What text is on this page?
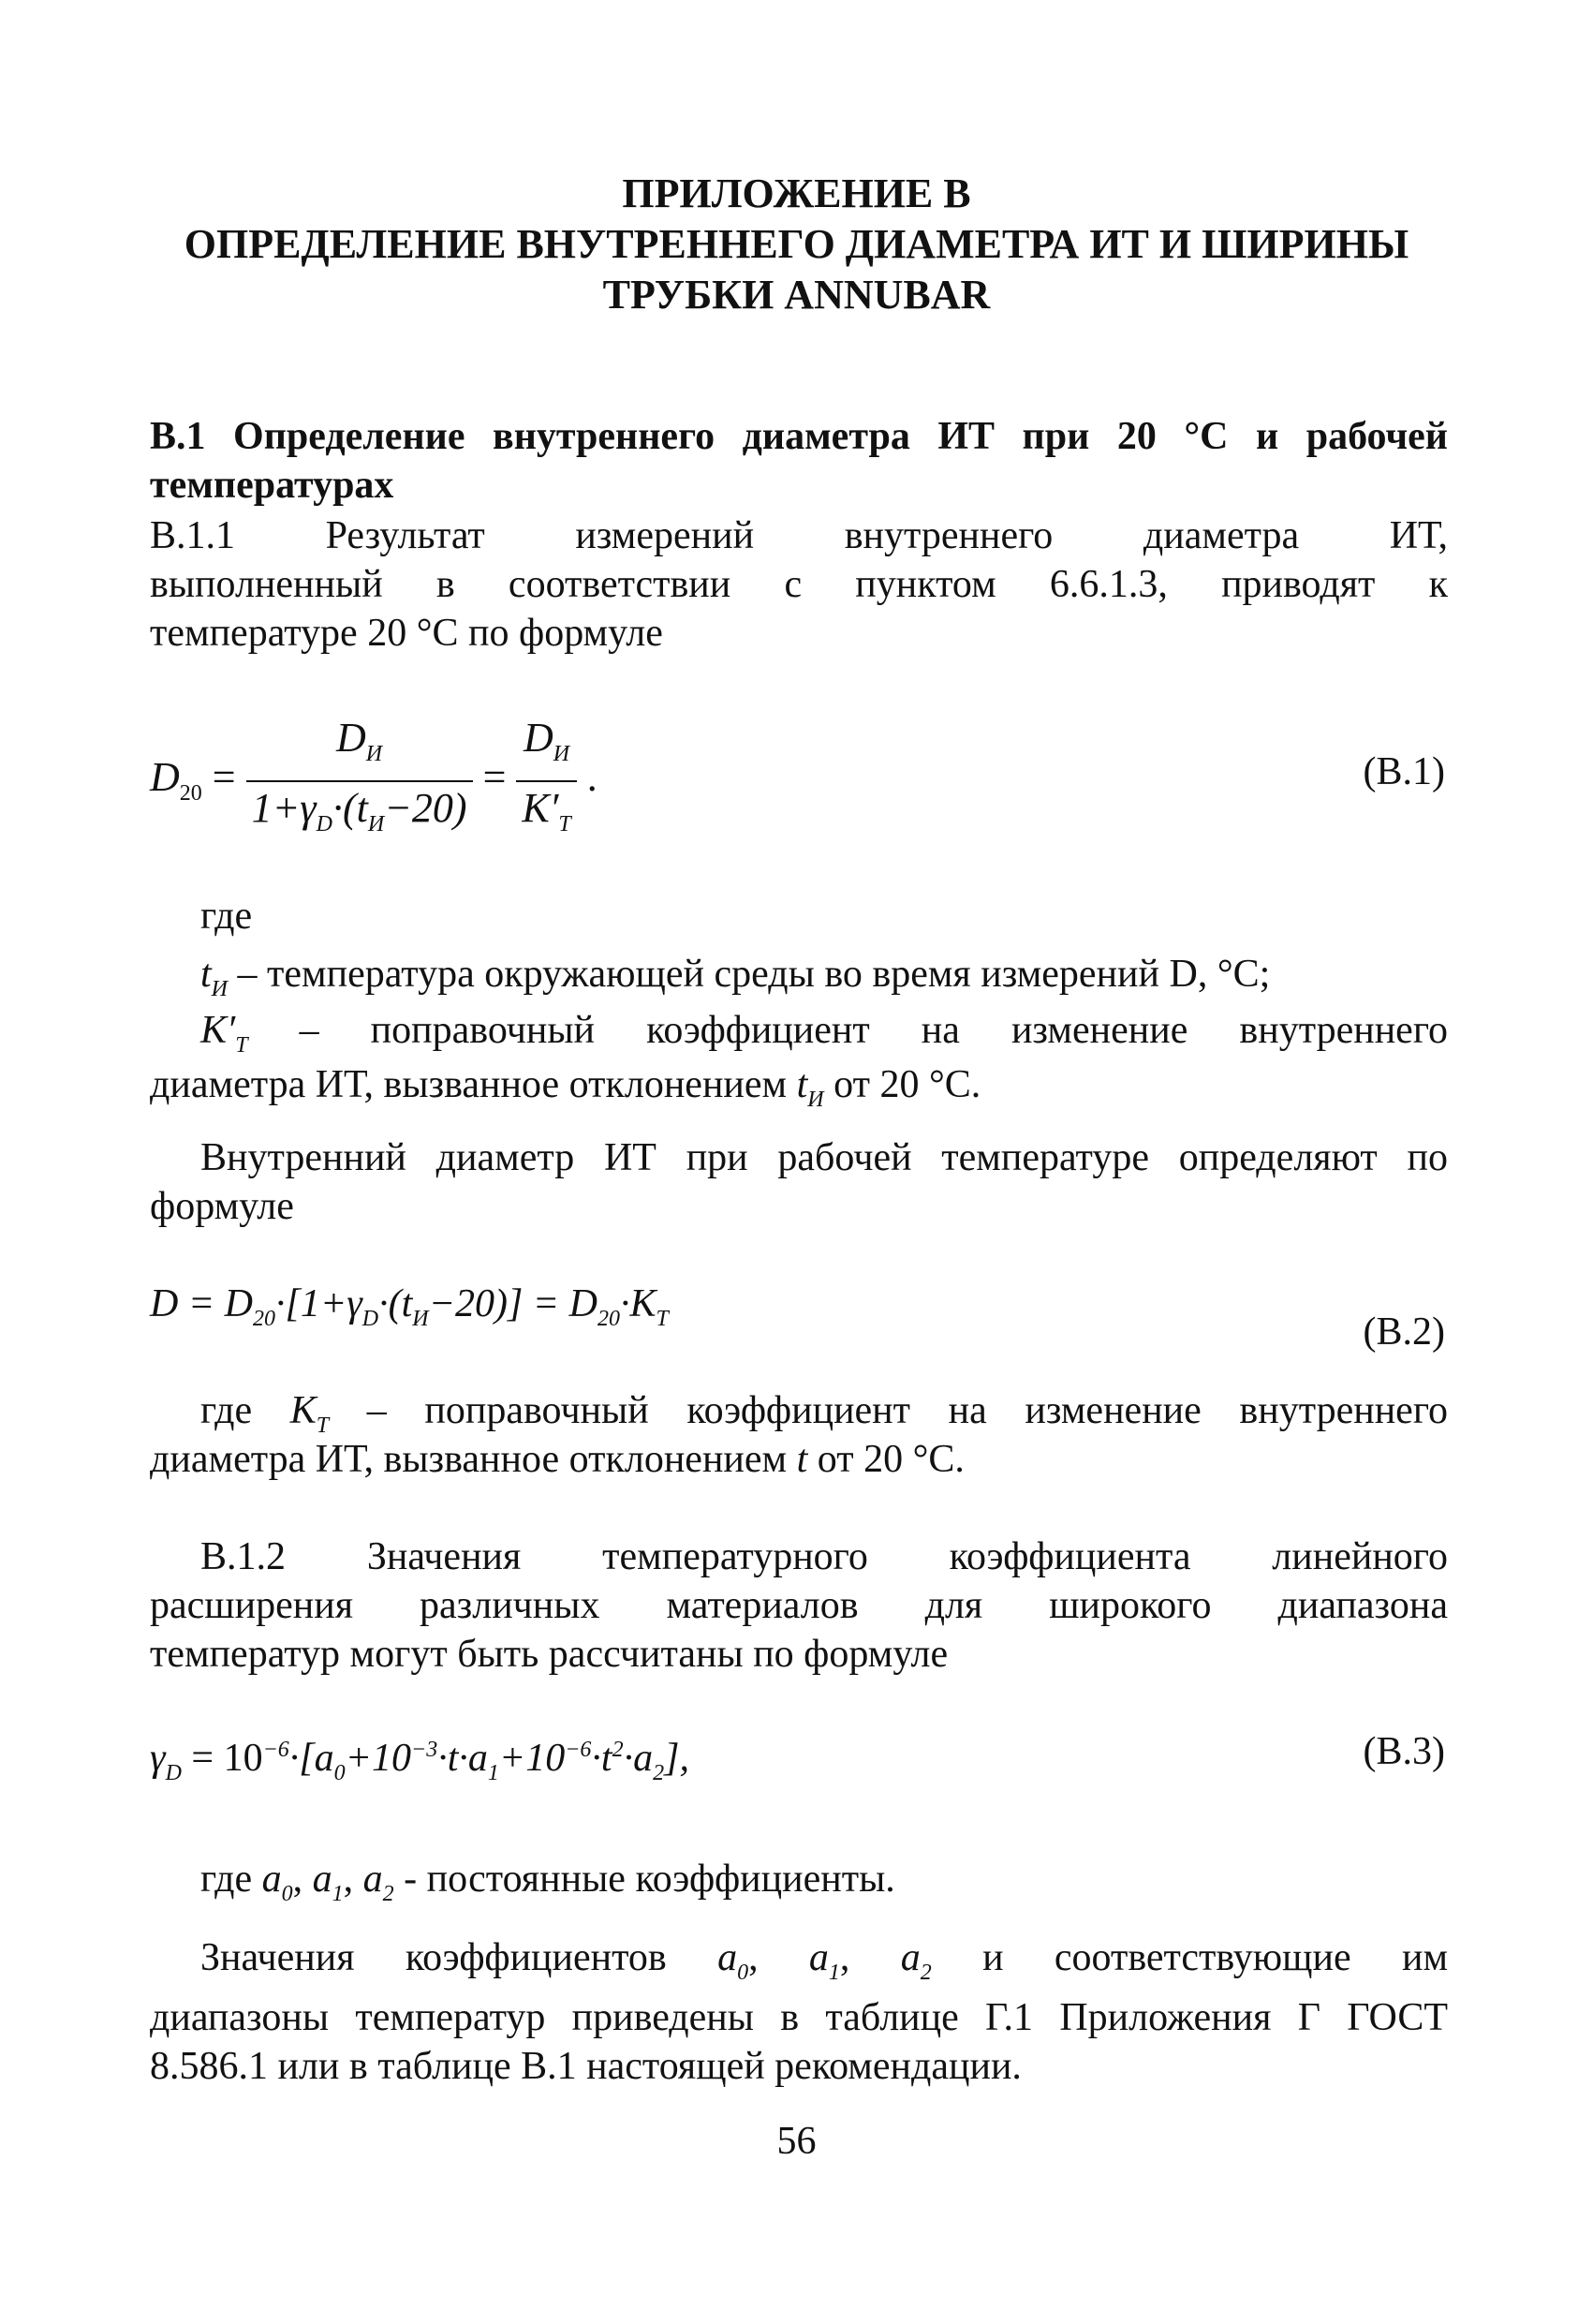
ПРИЛОЖЕНИЕ В
ОПРЕДЕЛЕНИЕ ВНУТРЕННЕГО ДИАМЕТРА ИТ И ШИРИНЫ
ТРУБКИ ANNUBAR
В.1 Определение внутреннего диаметра ИТ при 20 °С и рабочей
температурах
В.1.1 Результат измерений внутреннего диаметра ИТ,
выполненный в соответствии с пунктом 6.6.1.3, приводят к
температуре 20 °С по формуле
$D_{20} = \frac{D_И}{1+\gamma_D\cdot(t_И-20)} = \frac{D_И}{K'_T}$ .	(В.1)
где
$t_И$ – температура окружающей среды во время измерений D, °С;
$K'_T$ – поправочный коэффициент на изменение внутреннего
диаметра ИТ, вызванное отклонением $t_И$ от 20 °С.
Внутренний диаметр ИТ при рабочей температуре определяют по
формуле
$D = D_{20}\cdot[1+\gamma_D\cdot(t_И-20)] = D_{20}\cdot K_T$	(В.2)
где $K_T$ – поправочный коэффициент на изменение внутреннего
диаметра ИТ, вызванное отклонением t от 20 °С.
В.1.2 Значения температурного коэффициента линейного
расширения различных материалов для широкого диапазона
температур могут быть рассчитаны по формуле
$\gamma_D = 10^{-6}\cdot[a_0+10^{-3}\cdot t\cdot a_1+10^{-6}\cdot t^2\cdot a_2]$,	(В.3)
где $a_0$, $a_1$, $a_2$ - постоянные коэффициенты.
Значения коэффициентов $a_0$, $a_1$, $a_2$ и соответствующие им
диапазоны температур приведены в таблице Г.1 Приложения Г ГОСТ
8.586.1 или в таблице В.1 настоящей рекомендации.
56
